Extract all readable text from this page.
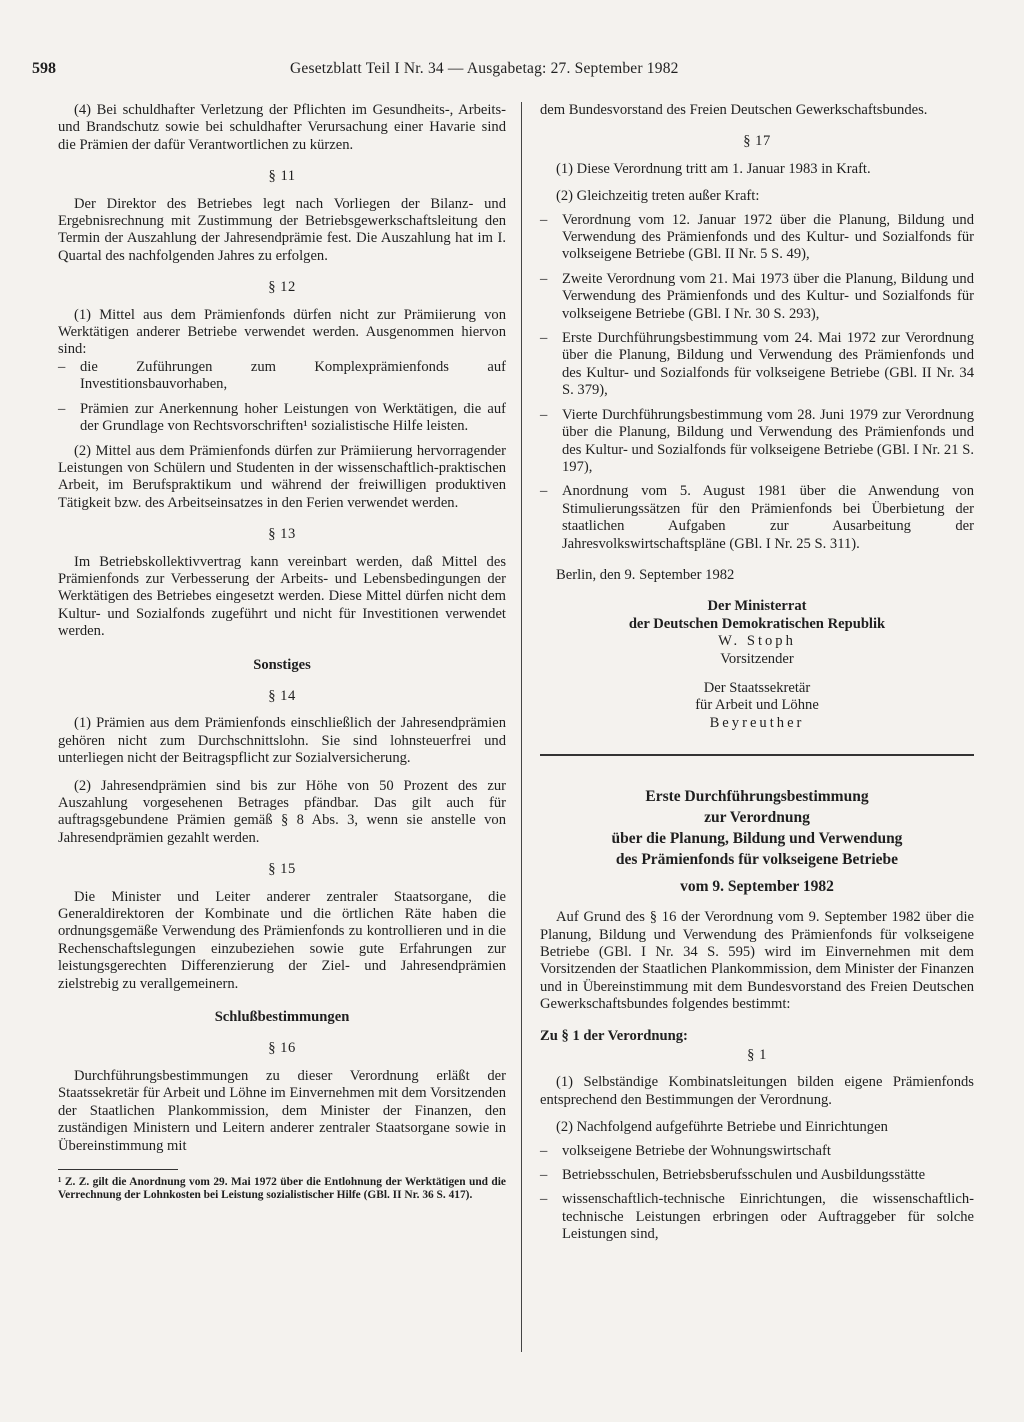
598	Gesetzblatt Teil I Nr. 34 — Ausgabetag: 27. September 1982

(4) Bei schuldhafter Verletzung der Pflichten im Gesundheits-, Arbeits- und Brandschutz sowie bei schuldhafter Verursachung einer Havarie sind die Prämien der dafür Verantwortlichen zu kürzen.

§ 11

Der Direktor des Betriebes legt nach Vorliegen der Bilanz- und Ergebnisrechnung mit Zustimmung der Betriebsgewerkschaftsleitung den Termin der Auszahlung der Jahresendprämie fest. Die Auszahlung hat im I. Quartal des nachfolgenden Jahres zu erfolgen.

§ 12

(1) Mittel aus dem Prämienfonds dürfen nicht zur Prämiierung von Werktätigen anderer Betriebe verwendet werden. Ausgenommen hiervon sind:

–	die Zuführungen zum Komplexprämienfonds auf Investitionsbauvorhaben,
–	Prämien zur Anerkennung hoher Leistungen von Werktätigen, die auf der Grundlage von Rechtsvorschriften¹ sozialistische Hilfe leisten.

(2) Mittel aus dem Prämienfonds dürfen zur Prämiierung hervorragender Leistungen von Schülern und Studenten in der wissenschaftlich-praktischen Arbeit, im Berufspraktikum und während der freiwilligen produktiven Tätigkeit bzw. des Arbeitseinsatzes in den Ferien verwendet werden.

§ 13

Im Betriebskollektivvertrag kann vereinbart werden, daß Mittel des Prämienfonds zur Verbesserung der Arbeits- und Lebensbedingungen der Werktätigen des Betriebes eingesetzt werden. Diese Mittel dürfen nicht dem Kultur- und Sozialfonds zugeführt und nicht für Investitionen verwendet werden.

Sonstiges
§ 14

(1) Prämien aus dem Prämienfonds einschließlich der Jahresendprämien gehören nicht zum Durchschnittslohn. Sie sind lohnsteuerfrei und unterliegen nicht der Beitragspflicht zur Sozialversicherung.

(2) Jahresendprämien sind bis zur Höhe von 50 Prozent des zur Auszahlung vorgesehenen Betrages pfändbar. Das gilt auch für auftragsgebundene Prämien gemäß § 8 Abs. 3, wenn sie anstelle von Jahresendprämien gezahlt werden.

§ 15

Die Minister und Leiter anderer zentraler Staatsorgane, die Generaldirektoren der Kombinate und die örtlichen Räte haben die ordnungsgemäße Verwendung des Prämienfonds zu kontrollieren und in die Rechenschaftslegungen einzubeziehen sowie gute Erfahrungen zur leistungsgerechten Differenzierung der Ziel- und Jahresendprämien zielstrebig zu verallgemeinern.

Schlußbestimmungen
§ 16

Durchführungsbestimmungen zu dieser Verordnung erläßt der Staatssekretär für Arbeit und Löhne im Einvernehmen mit dem Vorsitzenden der Staatlichen Plankommission, dem Minister der Finanzen, den zuständigen Ministern und Leitern anderer zentraler Staatsorgane sowie in Übereinstimmung mit

¹ Z. Z. gilt die Anordnung vom 29. Mai 1972 über die Entlohnung der Werktätigen und die Verrechnung der Lohnkosten bei Leistung sozialistischer Hilfe (GBl. II Nr. 36 S. 417).

dem Bundesvorstand des Freien Deutschen Gewerkschaftsbundes.

§ 17

(1) Diese Verordnung tritt am 1. Januar 1983 in Kraft.

(2) Gleichzeitig treten außer Kraft:

–	Verordnung vom 12. Januar 1972 über die Planung, Bildung und Verwendung des Prämienfonds und des Kultur- und Sozialfonds für volkseigene Betriebe (GBl. II Nr. 5 S. 49),
–	Zweite Verordnung vom 21. Mai 1973 über die Planung, Bildung und Verwendung des Prämienfonds und des Kultur- und Sozialfonds für volkseigene Betriebe (GBl. I Nr. 30 S. 293),
–	Erste Durchführungsbestimmung vom 24. Mai 1972 zur Verordnung über die Planung, Bildung und Verwendung des Prämienfonds und des Kultur- und Sozialfonds für volkseigene Betriebe (GBl. II Nr. 34 S. 379),
–	Vierte Durchführungsbestimmung vom 28. Juni 1979 zur Verordnung über die Planung, Bildung und Verwendung des Prämienfonds und des Kultur- und Sozialfonds für volkseigene Betriebe (GBl. I Nr. 21 S. 197),
–	Anordnung vom 5. August 1981 über die Anwendung von Stimulierungssätzen für den Prämienfonds bei Überbietung der staatlichen Aufgaben zur Ausarbeitung der Jahresvolkswirtschaftspläne (GBl. I Nr. 25 S. 311).

Berlin, den 9. September 1982

Der Ministerrat
der Deutschen Demokratischen Republik
W. Stoph
Vorsitzender
Der Staatssekretär
für Arbeit und Löhne
Beyreuther
Erste Durchführungsbestimmung
zur Verordnung
über die Planung, Bildung und Verwendung
des Prämienfonds für volkseigene Betriebe
vom 9. September 1982

Auf Grund des § 16 der Verordnung vom 9. September 1982 über die Planung, Bildung und Verwendung des Prämienfonds für volkseigene Betriebe (GBl. I Nr. 34 S. 595) wird im Einvernehmen mit dem Vorsitzenden der Staatlichen Plankommission, dem Minister der Finanzen und in Übereinstimmung mit dem Bundesvorstand des Freien Deutschen Gewerkschaftsbundes folgendes bestimmt:

Zu § 1 der Verordnung:

§ 1

(1) Selbständige Kombinatsleitungen bilden eigene Prämienfonds entsprechend den Bestimmungen der Verordnung.

(2) Nachfolgend aufgeführte Betriebe und Einrichtungen

–	volkseigene Betriebe der Wohnungswirtschaft
–	Betriebsschulen, Betriebsberufsschulen und Ausbildungsstätte
–	wissenschaftlich-technische Einrichtungen, die wissenschaftlich-technische Leistungen erbringen oder Auftraggeber für solche Leistungen sind,
